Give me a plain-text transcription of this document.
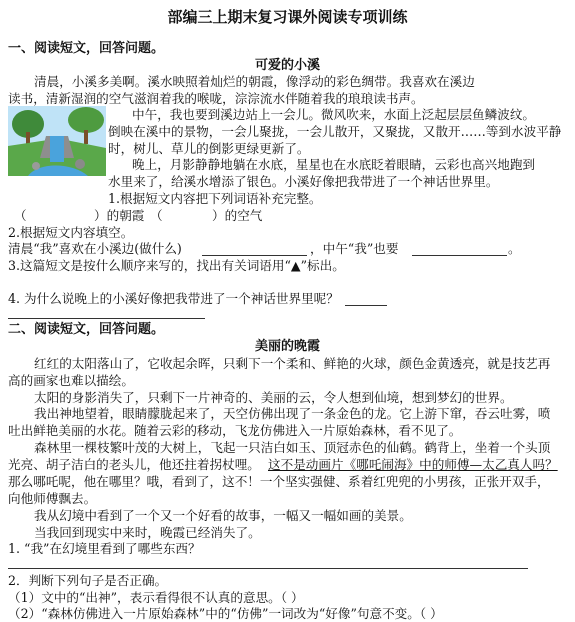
部编三上期末复习课外阅读专项训练
一、阅读短文，回答问题。
可爱的小溪
清晨，小溪多美啊。溪水映照着灿烂的朝霞，像浮动的彩色绸带。我喜欢在溪边
读书，清新湿润的空气滋润着我的喉咙，淙淙流水伴随着我的琅琅读书声。
中午，我也要到溪边站上一会儿。微风吹来，水面上泛起层层鱼鳞波纹。
倒映在溪中的景物，一会儿聚拢，一会儿散开，又聚拢，又散开……等到水波平静
时，树儿、草儿的倒影更绿更新了。
晚上，月影静静地躺在水底，星星也在水底眨着眼睛，云彩也高兴地跑到
水里来了，给溪水增添了银色。小溪好像把我带进了一个神话世界里。
1.根据短文内容把下列词语补充完整。
（	）的朝霞 （	）的空气
2.根据短文内容填空。
清晨“我”喜欢在小溪边(做什么)	，中午“我”也要	。
3.这篇短文是按什么顺序来写的，找出有关词语用“▲”标出。
4. 为什么说晚上的小溪好像把我带进了一个神话世界里呢？
二、阅读短文，回答问题。
美丽的晚霞
红红的太阳落山了，它收起余晖，只剩下一个柔和、鲜艳的火球，颜色金黄透亮，就是技艺再
高的画家也难以描绘。
太阳的身影消失了，只剩下一片神奇的、美丽的云，令人想到仙境，想到梦幻的世界。
我出神地望着，眼睛朦胧起来了，天空仿佛出现了一条金色的龙。它上游下窜，吞云吐雾，喷
吐出鲜艳美丽的水花。随着云彩的移动，飞龙仿佛进入一片原始森林，看不见了。
森林里一棵枝繁叶茂的大树上，飞起一只洁白如玉、顶冠赤色的仙鹤。鹤背上，坐着一个头顶
光亮、胡子洁白的老头儿，他还拄着拐杖哩。 这不是动画片《哪吒闹海》中的师傅—太乙真人吗？
那么哪吒呢，他在哪里？哦，看到了，这不！一个坚实强健、系着红兜兜的小男孩，正张开双手，
向他师傅飘去。
我从幻境中看到了一个又一个好看的故事，一幅又一幅如画的美景。
当我回到现实中来时，晚霞已经消失了。
1. “我”在幻境里看到了哪些东西？
2．判断下列句子是否正确。
（1）文中的“出神”，表示看得很不认真的意思。（ ）
（2）“森林仿佛进入一片原始森林”中的“仿佛”一词改为“好像”句意不变。（ ）
